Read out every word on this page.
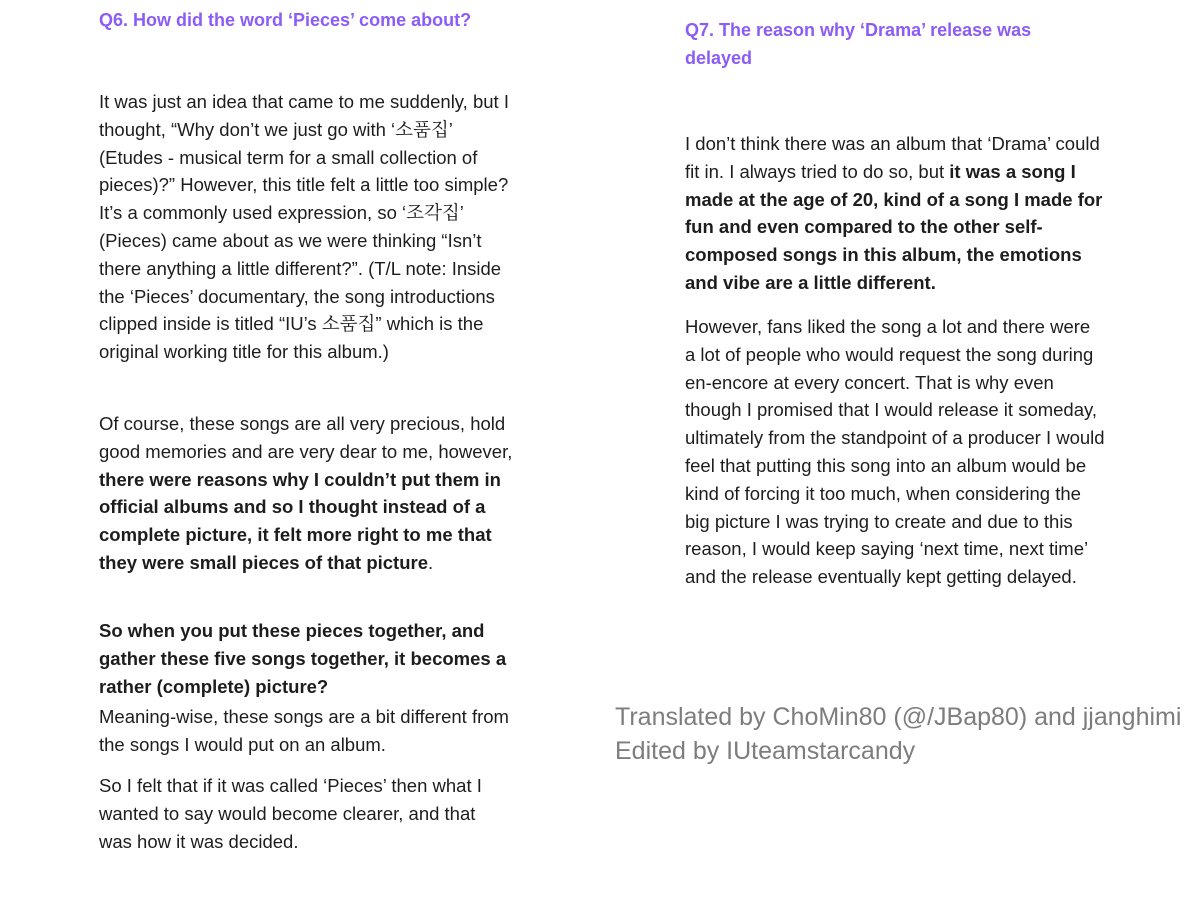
Q6. How did the word ‘Pieces’ come about?

It was just an idea that came to me suddenly, but I thought, “Why don’t we just go with ‘소품집’ (Etudes - musical term for a small collection of pieces)?” However, this title felt a little too simple? It’s a commonly used expression, so ‘조각집’ (Pieces) came about as we were thinking “Isn’t there anything a little different?”. (T/L note: Inside the ‘Pieces’ documentary, the song introductions clipped inside is titled “IU’s 소품집” which is the original working title for this album.)

Of course, these songs are all very precious, hold good memories and are very dear to me, however, there were reasons why I couldn’t put them in official albums and so I thought instead of a complete picture, it felt more right to me that they were small pieces of that picture.

So when you put these pieces together, and gather these five songs together, it becomes a rather (complete) picture?

Meaning-wise, these songs are a bit different from the songs I would put on an album.

So I felt that if it was called ‘Pieces’ then what I wanted to say would become clearer, and that was how it was decided.

Q7. The reason why ‘Drama’ release was delayed

I don’t think there was an album that ‘Drama’ could fit in. I always tried to do so, but it was a song I made at the age of 20, kind of a song I made for fun and even compared to the other self-composed songs in this album, the emotions and vibe are a little different.

However, fans liked the song a lot and there were a lot of people who would request the song during en-encore at every concert. That is why even though I promised that I would release it someday, ultimately from the standpoint of a producer I would feel that putting this song into an album would be kind of forcing it too much, when considering the big picture I was trying to create and due to this reason, I would keep saying ‘next time, next time’ and the release eventually kept getting delayed.

Translated by ChoMin80 (@/JBap80) and jjanghimi
Edited by IUteamstarcandy
